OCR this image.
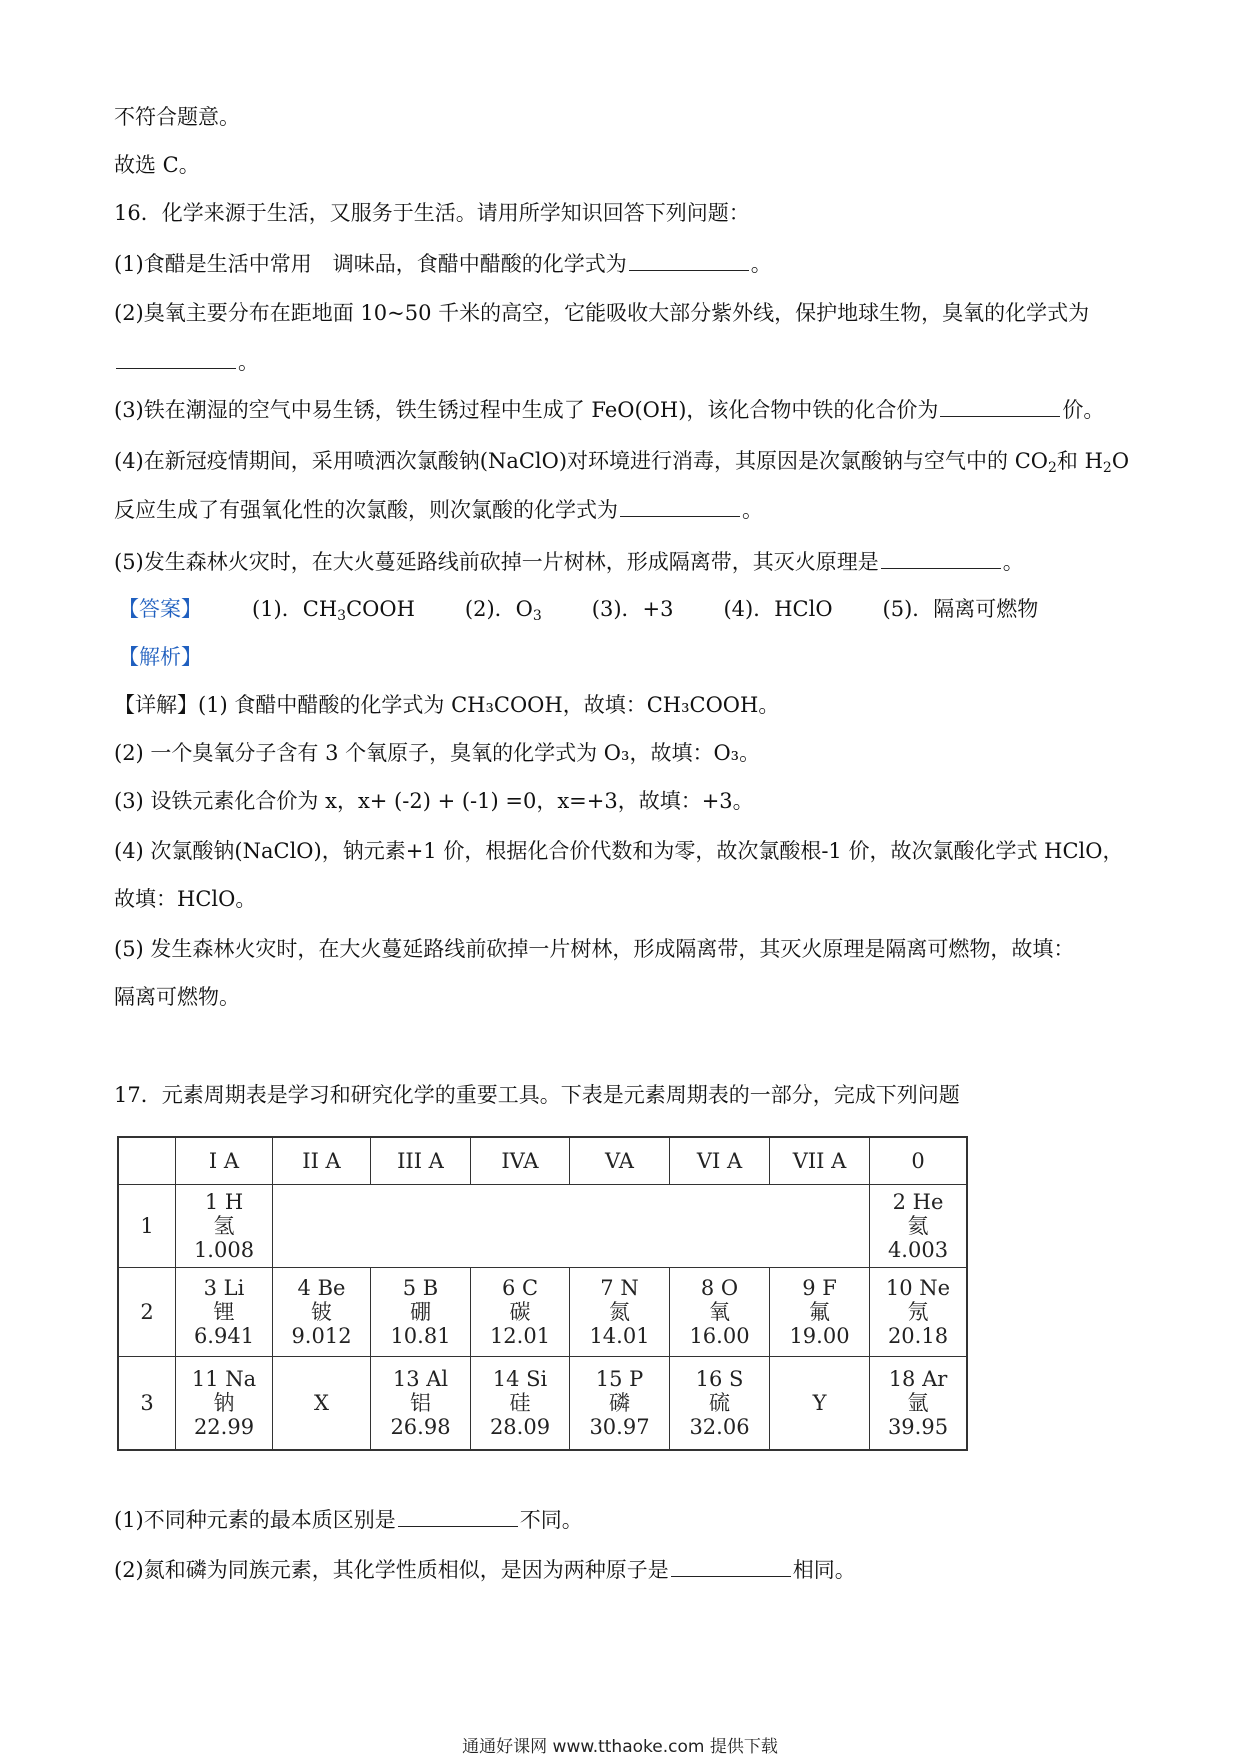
不符合题意。
故选 C。
16．化学来源于生活，又服务于生活。请用所学知识回答下列问题：
(1)食醋是生活中常用　调味品，食醋中醋酸的化学式为	。
(2)臭氧主要分布在距地面 10~50 千米的高空，它能吸收大部分紫外线，保护地球生物，臭氧的化学式为
。
(3)铁在潮湿的空气中易生锈，铁生锈过程中生成了 FeO(OH)，该化合物中铁的化合价为	价。
(4)在新冠疫情期间，采用喷洒次氯酸钠(NaClO)对环境进行消毒，其原因是次氯酸钠与空气中的 $CO_2$和 $H_2O$
反应生成了有强氧化性的次氯酸，则次氯酸的化学式为	。
(5)发生森林火灾时，在大火蔓延路线前砍掉一片树林，形成隔离带，其灭火原理是	。
【答案】 (1)．$CH_3COOH$ (2)．$O_3$ (3)．+3 (4)．HClO (5)．隔离可燃物
【解析】
【详解】(1) 食醋中醋酸的化学式为 CH₃COOH，故填：CH₃COOH。
(2) 一个臭氧分子含有 3 个氧原子，臭氧的化学式为 O₃，故填：O₃。
(3) 设铁元素化合价为 x，x+ (-2) + (-1) =0，x=+3，故填：+3。
(4) 次氯酸钠(NaClO)，钠元素+1 价，根据化合价代数和为零，故次氯酸根-1 价，故次氯酸化学式 HClO，
故填：HClO。
(5) 发生森林火灾时，在大火蔓延路线前砍掉一片树林，形成隔离带，其灭火原理是隔离可燃物，故填：
隔离可燃物。
17．元素周期表是学习和研究化学的重要工具。下表是元素周期表的一部分，完成下列问题
	I A	II A	III A	IVA	VA	VI A	VII A	0
1	1 H
氢
1.008							2 He
氦
4.003

2	3 Li
锂
6.941	4 Be
铍
9.012	5 B
硼
10.81	6 C
碳
12.01	7 N
氮
14.01	8 O
氧
16.00	9 F
氟
19.00	10 Ne
氖
20.18

3	11 Na
钠
22.99	X	13 Al
铝
26.98	14 Si
硅
28.09	15 P
磷
30.97	16 S
硫
32.06	Y	18 Ar
氩
39.95
(1)不同种元素的最本质区别是	不同。
(2)氮和磷为同族元素，其化学性质相似，是因为两种原子是	相同。
通通好课网 www.tthaoke.com 提供下载
